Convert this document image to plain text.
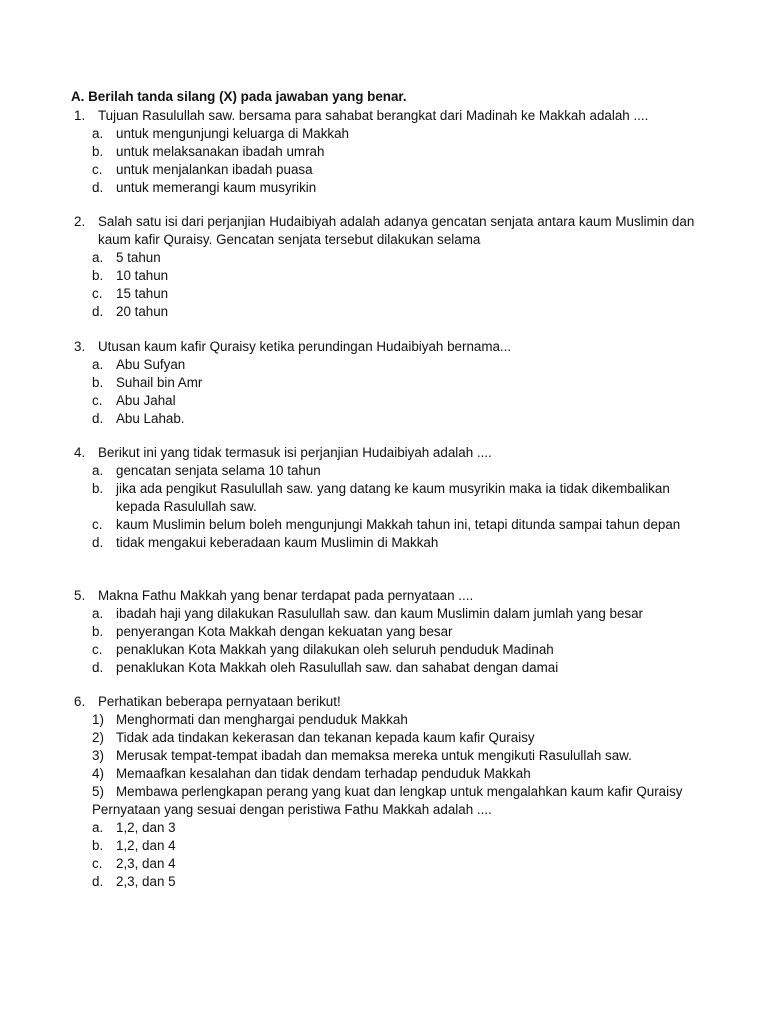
A. Berilah tanda silang (X) pada jawaban yang benar.

1. Tujuan Rasulullah saw. bersama para sahabat berangkat dari Madinah ke Makkah adalah ....
a. untuk mengunjungi keluarga di Makkah
b. untuk melaksanakan ibadah umrah
c. untuk menjalankan ibadah puasa
d. untuk memerangi kaum musyrikin
2. Salah satu isi dari perjanjian Hudaibiyah adalah adanya gencatan senjata antara kaum Muslimin dan kaum kafir Quraisy. Gencatan senjata tersebut dilakukan selama
a. 5 tahun
b. 10 tahun
c. 15 tahun
d. 20 tahun
3. Utusan kaum kafir Quraisy ketika perundingan Hudaibiyah bernama...
a. Abu Sufyan
b. Suhail bin Amr
c. Abu Jahal
d. Abu Lahab.
4. Berikut ini yang tidak termasuk isi perjanjian Hudaibiyah adalah ....
a. gencatan senjata selama 10 tahun
b. jika ada pengikut Rasulullah saw. yang datang ke kaum musyrikin maka ia tidak dikembalikan kepada Rasulullah saw.
c. kaum Muslimin belum boleh mengunjungi Makkah tahun ini, tetapi ditunda sampai tahun depan
d. tidak mengakui keberadaan kaum Muslimin di Makkah
5. Makna Fathu Makkah yang benar terdapat pada pernyataan ....
a. ibadah haji yang dilakukan Rasulullah saw. dan kaum Muslimin dalam jumlah yang besar
b. penyerangan Kota Makkah dengan kekuatan yang besar
c. penaklukan Kota Makkah yang dilakukan oleh seluruh penduduk Madinah
d. penaklukan Kota Makkah oleh Rasulullah saw. dan sahabat dengan damai
6. Perhatikan beberapa pernyataan berikut!
1) Menghormati dan menghargai penduduk Makkah
2) Tidak ada tindakan kekerasan dan tekanan kepada kaum kafir Quraisy
3) Merusak tempat-tempat ibadah dan memaksa mereka untuk mengikuti Rasulullah saw.
4) Memaafkan kesalahan dan tidak dendam terhadap penduduk Makkah
5) Membawa perlengkapan perang yang kuat dan lengkap untuk mengalahkan kaum kafir Quraisy
Pernyataan yang sesuai dengan peristiwa Fathu Makkah adalah ....
a. 1,2, dan 3
b. 1,2, dan 4
c. 2,3, dan 4
d. 2,3, dan 5
